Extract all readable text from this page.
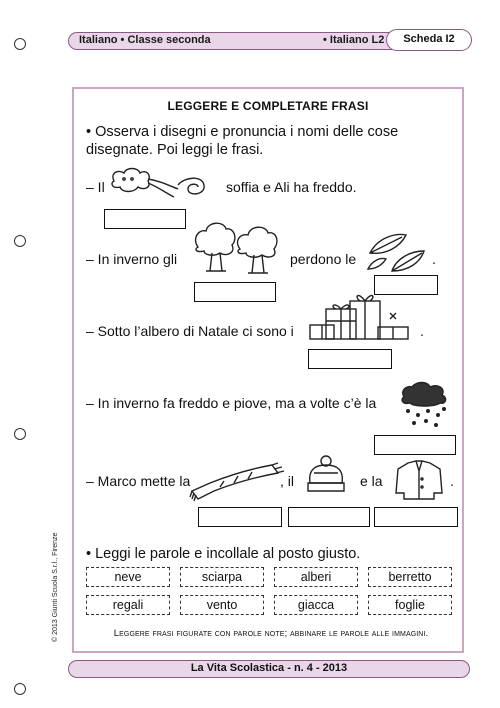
Italiano • Classe seconda	• Italiano L2	Scheda I2
LEGGERE E COMPLETARE FRASI
• Osserva i disegni e pronuncia i nomi delle cose disegnate. Poi leggi le frasi.
– Il	soffia e Ali ha freddo.
– In inverno gli	perdono le	.
– Sotto l’albero di Natale ci sono i	.
– In inverno fa freddo e piove, ma a volte c’è la
– Marco mette la	, il	e la	.
• Leggi le parole e incollale al posto giusto.
neve	sciarpa	alberi	berretto
regali	vento	giacca	foglie
Leggere frasi figurate con parole note; abbinare le parole alle immagini.
© 2013 Giunti Scuola S.r.l., Firenze
La Vita Scolastica - n. 4 - 2013
